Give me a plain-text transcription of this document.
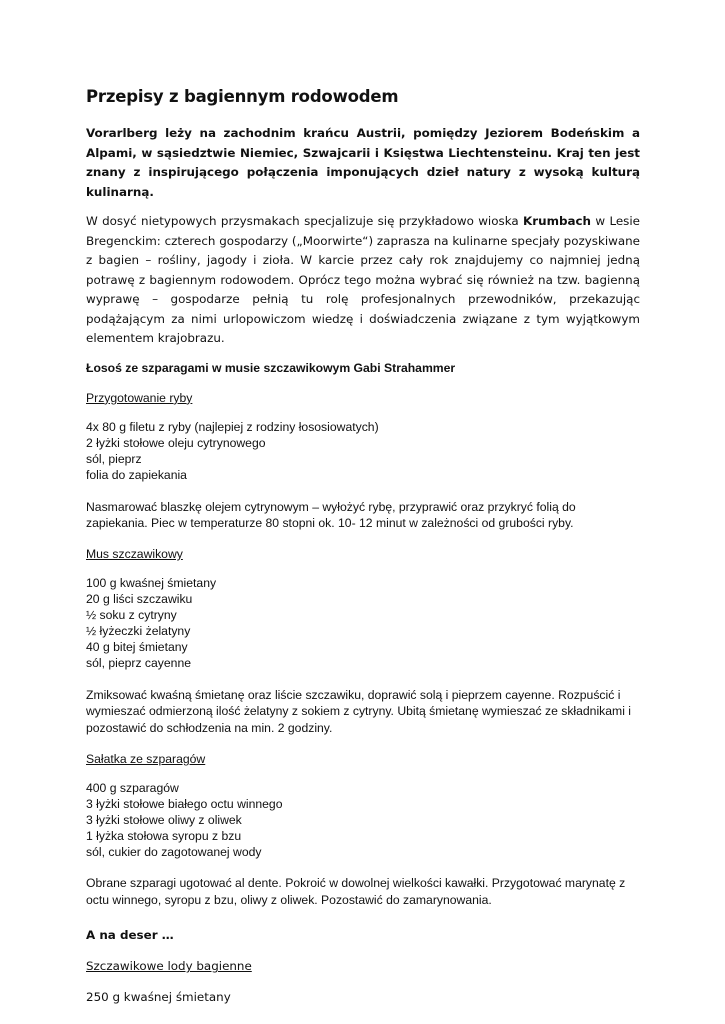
Przepisy z bagiennym rodowodem

Vorarlberg leży na zachodnim krańcu Austrii, pomiędzy Jeziorem Bodeńskim a Alpami, w sąsiedztwie Niemiec, Szwajcarii i Księstwa Liechtensteinu. Kraj ten jest znany z inspirującego połączenia imponujących dzieł natury z wysoką kulturą kulinarną.

W dosyć nietypowych przysmakach specjalizuje się przykładowo wioska Krumbach w Lesie Bregenckim: czterech gospodarzy („Moorwirte“) zaprasza na kulinarne specjały pozyskiwane z bagien – rośliny, jagody i zioła. W karcie przez cały rok znajdujemy co najmniej jedną potrawę z bagiennym rodowodem. Oprócz tego można wybrać się również na tzw. bagienną wyprawę – gospodarze pełnią tu rolę profesjonalnych przewodników, przekazując podążającym za nimi urlopowiczom wiedzę i doświadczenia związane z tym wyjątkowym elementem krajobrazu.

Łosoś ze szparagami w musie szczawikowym Gabi Strahammer

Przygotowanie ryby

4x 80 g filetu z ryby (najlepiej z rodziny łososiowatych)
2 łyżki stołowe oleju cytrynowego
sól, pieprz
folia do zapiekania

Nasmarować blaszkę olejem cytrynowym – wyłożyć rybę, przyprawić oraz przykryć folią do zapiekania. Piec w temperaturze 80 stopni ok. 10- 12 minut w zależności od grubości ryby.

Mus szczawikowy

100 g kwaśnej śmietany
20 g liści szczawiku
½ soku z cytryny
½ łyżeczki żelatyny
40 g bitej śmietany
sól, pieprz cayenne

Zmiksować kwaśną śmietanę oraz liście szczawiku, doprawić solą i pieprzem cayenne. Rozpuścić i wymieszać odmierzoną ilość żelatyny z sokiem z cytryny. Ubitą śmietanę wymieszać ze składnikami i pozostawić do schłodzenia na min. 2 godziny.

Sałatka ze szparagów

400 g szparagów
3 łyżki stołowe białego octu winnego
3 łyżki stołowe oliwy z oliwek
1 łyżka stołowa syropu z bzu
sól, cukier do zagotowanej wody

Obrane szparagi ugotować al dente. Pokroić w dowolnej wielkości kawałki. Przygotować marynatę z octu winnego, syropu z bzu, oliwy z oliwek. Pozostawić do zamarynowania.

A na deser …

Szczawikowe lody bagienne

250 g kwaśnej śmietany
